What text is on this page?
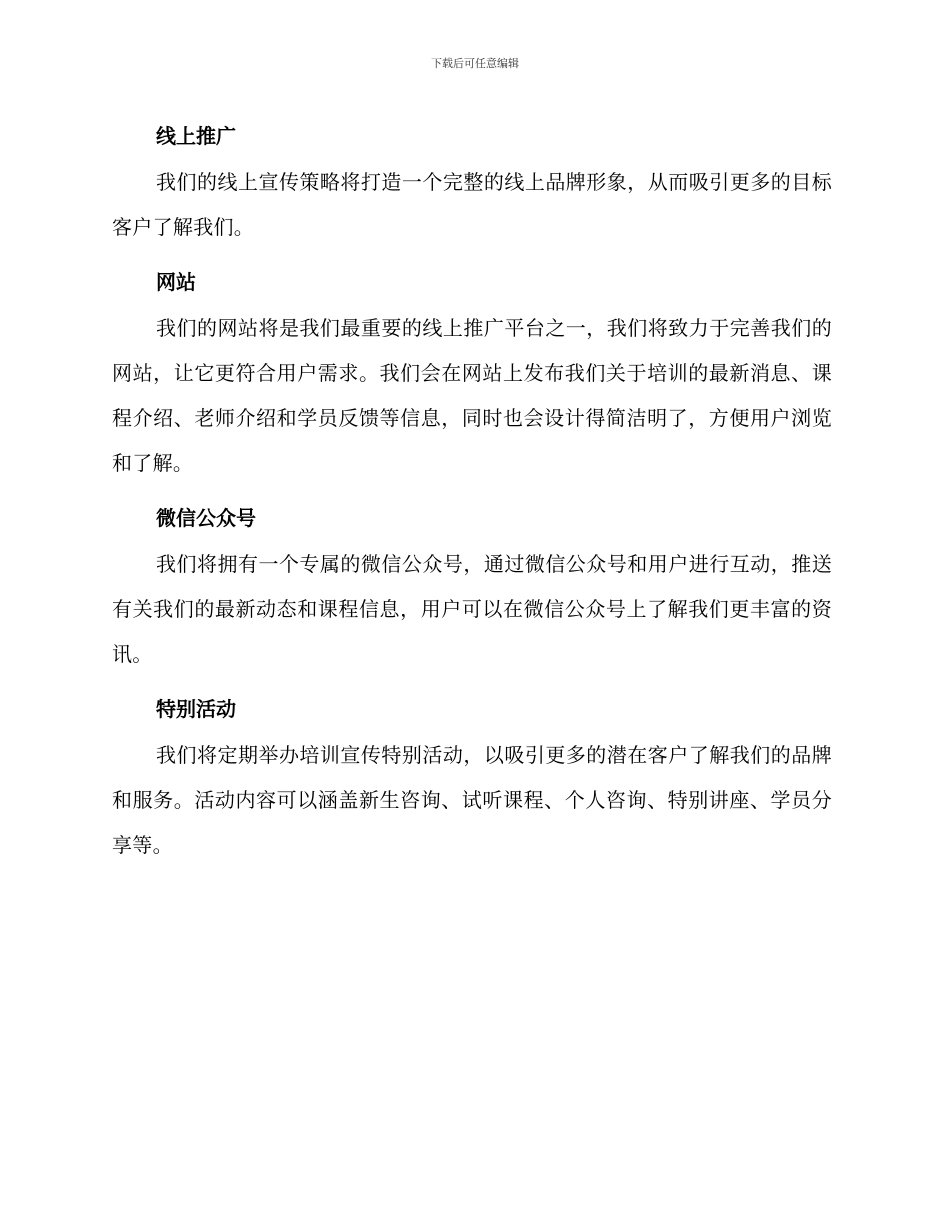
下载后可任意编辑
线上推广

我们的线上宣传策略将打造一个完整的线上品牌形象，从而吸引更多的目标客户了解我们。

网站

我们的网站将是我们最重要的线上推广平台之一，我们将致力于完善我们的网站，让它更符合用户需求。我们会在网站上发布我们关于培训的最新消息、课程介绍、老师介绍和学员反馈等信息，同时也会设计得简洁明了，方便用户浏览和了解。

微信公众号

我们将拥有一个专属的微信公众号，通过微信公众号和用户进行互动，推送有关我们的最新动态和课程信息，用户可以在微信公众号上了解我们更丰富的资讯。

特别活动

我们将定期举办培训宣传特别活动，以吸引更多的潜在客户了解我们的品牌和服务。活动内容可以涵盖新生咨询、试听课程、个人咨询、特别讲座、学员分享等。
